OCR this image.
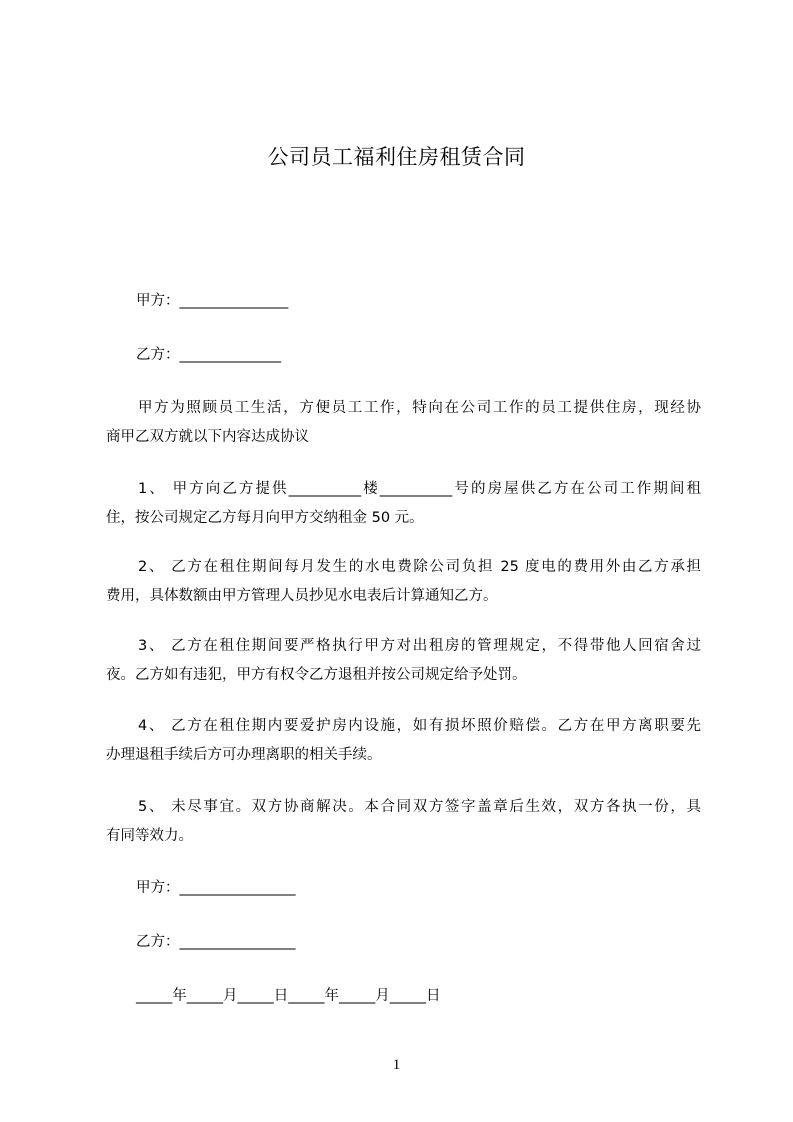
公司员工福利住房租赁合同

甲方：_______________

乙方：______________

甲方为照顾员工生活，方便员工工作，特向在公司工作的员工提供住房，现经协
商甲乙双方就以下内容达成协议
1、 甲方向乙方提供__________楼__________号的房屋供乙方在公司工作期间租
住，按公司规定乙方每月向甲方交纳租金 50 元。
2、 乙方在租住期间每月发生的水电费除公司负担 25 度电的费用外由乙方承担
费用，具体数额由甲方管理人员抄见水电表后计算通知乙方。
3、 乙方在租住期间要严格执行甲方对出租房的管理规定，不得带他人回宿舍过
夜。乙方如有违犯，甲方有权令乙方退租并按公司规定给予处罚。
4、 乙方在租住期内要爱护房内设施，如有损坏照价赔偿。乙方在甲方离职要先
办理退租手续后方可办理离职的相关手续。
5、 未尽事宜。双方协商解决。本合同双方签字盖章后生效，双方各执一份，具
有同等效力。

甲方：________________

乙方：________________

_____年_____月_____日_____年_____月_____日

1
